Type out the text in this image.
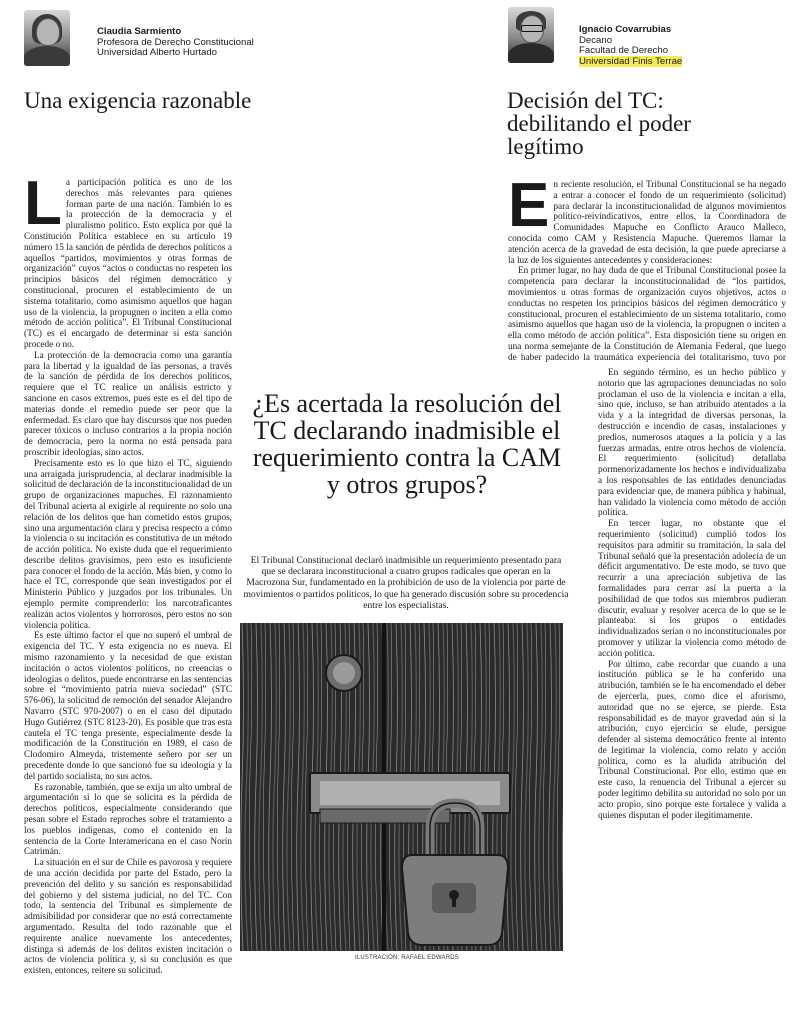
Claudia Sarmiento
Profesora de Derecho Constitucional
Universidad Alberto Hurtado
Ignacio Covarrubias
Decano
Facultad de Derecho
Universidad Finis Terrae
Una exigencia razonable	Decisión del TC:
debilitando el poder
legítimo

La participación política es uno de los derechos más relevantes para quienes forman parte de una nación. También lo es la protección de la democracia y el pluralismo político. Esto explica por qué la Constitución Política establece en su artículo 19 número 15 la sanción de pérdida de derechos políticos a aquellos “partidos, movimientos y otras formas de organización” cuyos “actos o conductas no respeten los principios básicos del régimen democrático y constitucional, procuren el establecimiento de un sistema totalitario, como asimismo aquellos que hagan uso de la violencia, la propugnen o inciten a ella como método de acción política”. El Tribunal Constitucional (TC) es el encargado de determinar si esta sanción procede o no.

La protección de la democracia como una garantía para la libertad y la igualdad de las personas, a través de la sanción de pérdida de los derechos políticos, requiere que el TC realice un análisis estricto y sancione en casos extremos, pues este es el del tipo de materias donde el remedio puede ser peor que la enfermedad. Es claro que hay discursos que nos pueden parecer tóxicos o incluso contrarios a la propia noción de democracia, pero la norma no está pensada para proscribir ideologías, sino actos.

Precisamente esto es lo que hizo el TC, siguiendo una arraigada jurisprudencia, al declarar inadmisible la solicitud de declaración de la inconstitucionalidad de un grupo de organizaciones mapuches. El razonamiento del Tribunal acierta al exigirle al requirente no solo una relación de los delitos que han cometido estos grupos, sino una argumentación clara y precisa respecto a cómo la violencia o su incitación es constitutiva de un método de acción política. No existe duda que el requerimiento describe delitos gravísimos, pero esto es insuficiente para conocer el fondo de la acción. Más bien, y como lo hace el TC, corresponde que sean investigados por el Ministerio Público y juzgados por los tribunales. Un ejemplo permite comprenderlo: los narcotraficantes realizan actos violentos y horrorosos, pero estos no son violencia política.

Es este último factor el que no superó el umbral de exigencia del TC. Y esta exigencia no es nueva. El mismo razonamiento y la necesidad de que existan incitación o actos violentos políticos, no creencias o ideologías o delitos, puede encontrarse en las sentencias sobre el “movimiento patria nueva sociedad” (STC 576-06), la solicitud de remoción del senador Alejandro Navarro (STC 970-2007) o en el caso del diputado Hugo Gutiérrez (STC 8123-20). Es posible que tras esta cautela el TC tenga presente, especialmente desde la modificación de la Constitución en 1989, el caso de Clodomiro Almeyda, tristemente señero por ser un precedente donde lo que sancionó fue su ideología y la del partido socialista, no sus actos.

Es razonable, también, que se exija un alto umbral de argumentación si lo que se solicita es la pérdida de derechos políticos, especialmente considerando que pesan sobre el Estado reproches sobre el tratamiento a los pueblos indígenas, como el contenido en la sentencia de la Corte Interamericana en el caso Norín Catrimán.

La situación en el sur de Chile es pavorosa y requiere de una acción decidida por parte del Estado, pero la prevención del delito y su sanción es responsabilidad del gobierno y del sistema judicial, no del TC. Con todo, la sentencia del Tribunal es simplemente de admisibilidad por considerar que no está correctamente argumentado. Resulta del todo razonable que el requirente analice nuevamente los antecedentes, distinga si además de los delitos existen incitación o actos de violencia política y, si su conclusión es que existen, entonces, reitere su solicitud.

En reciente resolución, el Tribunal Constitucional se ha negado a entrar a conocer el fondo de un requerimiento (solicitud) para declarar la inconstitucionalidad de algunos movimientos político-reivindicativos, entre ellos, la Coordinadora de Comunidades Mapuche en Conflicto Arauco Malleco, conocida como CAM y Resistencia Mapuche. Queremos llamar la atención acerca de la gravedad de esta decisión, la que puede apreciarse a la luz de los siguientes antecedentes y consideraciones:

En primer lugar, no hay duda de que el Tribunal Constitucional posee la competencia para declarar la inconstitucionalidad de “los partidos, movimientos u otras formas de organización cuyos objetivos, actos o conductas no respeten los principios básicos del régimen democrático y constitucional, procuren el establecimiento de un sistema totalitario, como asimismo aquellos que hagan uso de la violencia, la propugnen o inciten a ella como método de acción política”. Esta disposición tiene su origen en una norma semejante de la Constitución de Alemania Federal, que luego de haber padecido la traumática experiencia del totalitarismo, tuvo por

En segundo término, es un hecho público y notorio que las agrupaciones denunciadas no solo proclaman el uso de la violencia e incitan a ella, sino que, incluso, se han atribuido atentados a la vida y a la integridad de diversas personas, la destrucción e incendio de casas, instalaciones y predios, numerosos ataques a la policía y a las fuerzas armadas, entre otros hechos de violencia. El requerimiento (solicitud) detallaba pormenorizadamente los hechos e individualizaba a los responsables de las entidades denunciadas para evidenciar que, de manera pública y habitual, han validado la violencia como método de acción política.

En tercer lugar, no obstante que el requerimiento (solicitud) cumplió todos los requisitos para admitir su tramitación, la sala del Tribunal señaló que la presentación adolecía de un déficit argumentativo. De este modo, se tuvo que recurrir a una apreciación subjetiva de las formalidades para cerrar así la puerta a la posibilidad de que todos sus miembros pudieran discutir, evaluar y resolver acerca de lo que se le planteaba: si los grupos o entidades individualizados serían o no inconstitucionales por promover y utilizar la violencia como método de acción política.

Por último, cabe recordar que cuando a una institución pública se le ha conferido una atribución, también se le ha encomendado el deber de ejercerla, pues, como dice el aforismo, autoridad que no se ejerce, se pierde. Esta responsabilidad es de mayor gravedad aún si la atribución, cuyo ejercicio se elude, persigue defender al sistema democrático frente al intento de legitimar la violencia, como relato y acción política, como es la aludida atribución del Tribunal Constitucional. Por ello, estimo que en este caso, la renuencia del Tribunal a ejercer su poder legítimo debilita su autoridad no solo por un acto propio, sino porque este fortalece y valida a quienes disputan el poder ilegítimamente.

¿Es acertada la resolución del TC declarando inadmisible el requerimiento contra la CAM y otros grupos?
El Tribunal Constitucional declaró inadmisible un requerimiento presentado para que se declarara inconstitucional a cuatro grupos radicales que operan en la Macrozona Sur, fundamentado en la prohibición de uso de la violencia por parte de movimientos o partidos políticos, lo que ha generado discusión sobre su procedencia entre los especialistas.
ILUSTRACIÓN: RAFAEL EDWARDS
